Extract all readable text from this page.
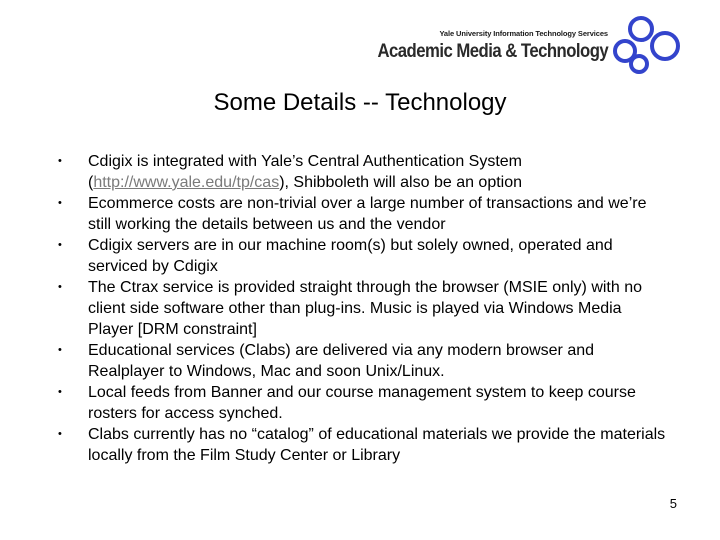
Yale University Information Technology Services
Academic Media & Technology
Some Details -- Technology
• Cdigix is integrated with Yale’s Central Authentication System (http://www.yale.edu/tp/cas), Shibboleth will also be an option
• Ecommerce costs are non-trivial over a large number of transactions and we’re still working the details between us and the vendor
• Cdigix servers are in our machine room(s) but solely owned, operated and serviced by Cdigix
• The Ctrax service is provided straight through the browser (MSIE only) with no client side software other than plug-ins. Music is played via Windows Media Player [DRM constraint]
• Educational services (Clabs) are delivered via any modern browser and Realplayer to Windows, Mac and soon Unix/Linux.
• Local feeds from Banner and our course management system to keep course rosters for access synched.
• Clabs currently has no “catalog” of educational materials we provide the materials locally from the Film Study Center or Library
5
